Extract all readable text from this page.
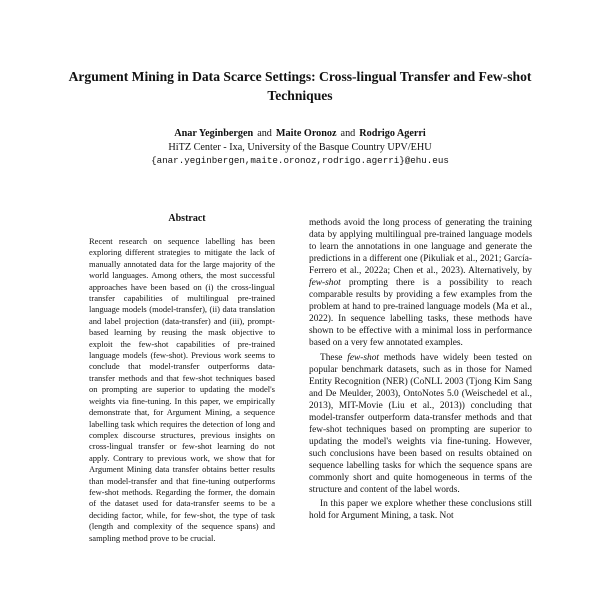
Argument Mining in Data Scarce Settings: Cross-lingual Transfer and Few-shot Techniques
Anar Yeginbergen and Maite Oronoz and Rodrigo Agerri
HiTZ Center - Ixa, University of the Basque Country UPV/EHU
{anar.yeginbergen,maite.oronoz,rodrigo.agerri}@ehu.eus
Abstract

Recent research on sequence labelling has been exploring different strategies to mitigate the lack of manually annotated data for the large majority of the world languages. Among others, the most successful approaches have been based on (i) the cross-lingual transfer capabilities of multilingual pre-trained language models (model-transfer), (ii) data translation and label projection (data-transfer) and (iii), prompt-based learning by reusing the mask objective to exploit the few-shot capabilities of pre-trained language models (few-shot). Previous work seems to conclude that model-transfer outperforms data-transfer methods and that few-shot techniques based on prompting are superior to updating the model's weights via fine-tuning. In this paper, we empirically demonstrate that, for Argument Mining, a sequence labelling task which requires the detection of long and complex discourse structures, previous insights on cross-lingual transfer or few-shot learning do not apply. Contrary to previous work, we show that for Argument Mining data transfer obtains better results than model-transfer and that fine-tuning outperforms few-shot methods. Regarding the former, the domain of the dataset used for data-transfer seems to be a deciding factor, while, for few-shot, the type of task (length and complexity of the sequence spans) and sampling method prove to be crucial.

methods avoid the long process of generating the training data by applying multilingual pre-trained language models to learn the annotations in one language and generate the predictions in a different one (Pikuliak et al., 2021; García-Ferrero et al., 2022a; Chen et al., 2023). Alternatively, by few-shot prompting there is a possibility to reach comparable results by providing a few examples from the problem at hand to pre-trained language models (Ma et al., 2022). In sequence labelling tasks, these methods have shown to be effective with a minimal loss in performance based on a very few annotated examples.

These few-shot methods have widely been tested on popular benchmark datasets, such as in those for Named Entity Recognition (NER) (CoNLL 2003 (Tjong Kim Sang and De Meulder, 2003), OntoNotes 5.0 (Weischedel et al., 2013), MIT-Movie (Liu et al., 2013)) concluding that model-transfer outperform data-transfer methods and that few-shot techniques based on prompting are superior to updating the model's weights via fine-tuning. However, such conclusions have been based on results obtained on sequence labelling tasks for which the sequence spans are commonly short and quite homogeneous in terms of the structure and content of the label words.

In this paper we explore whether these conclusions still hold for Argument Mining, a task. Not
